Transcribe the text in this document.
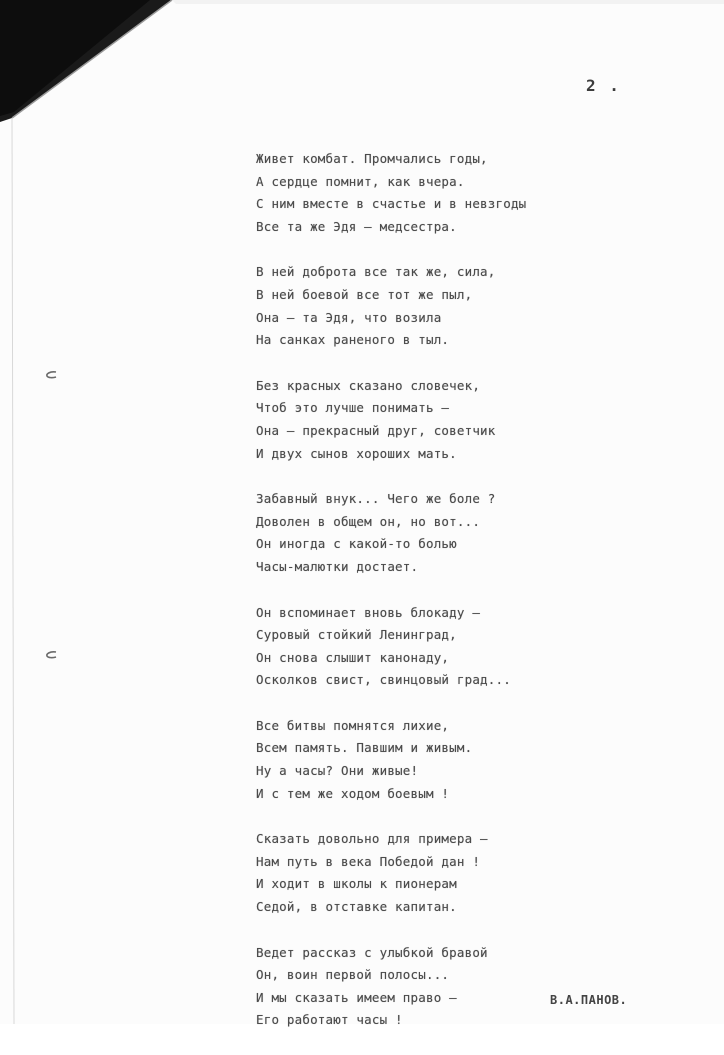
2 .
Живет комбат. Промчались годы,
А сердце помнит, как вчера.
С ним вместе в счастье и в невзгоды
Все та же Эдя – медсестра.
В ней доброта все так же, сила,
В ней боевой все тот же пыл,
Она – та Эдя, что возила
На санках раненого в тыл.
Без красных сказано словечек,
Чтоб это лучше понимать –
Она – прекрасный друг, советчик
И двух сынов хороших мать.
Забавный внук... Чего же боле ?
Доволен в общем он, но вот...
Он иногда с какой-то болью
Часы-малютки достает.
Он вспоминает вновь блокаду –
Суровый стойкий Ленинград,
Он снова слышит канонаду,
Осколков свист, свинцовый град...
Все битвы помнятся лихие,
Всем память. Павшим и живым.
Ну а часы? Они живые!
И с тем же ходом боевым !
Сказать довольно для примера –
Нам путь в века Победой дан !
И ходит в школы к пионерам
Седой, в отставке капитан.
Ведет рассказ с улыбкой бравой
Он, воин первой полосы...
И мы сказать имеем право –
Его работают часы !
В.А.ПАНОВ.
